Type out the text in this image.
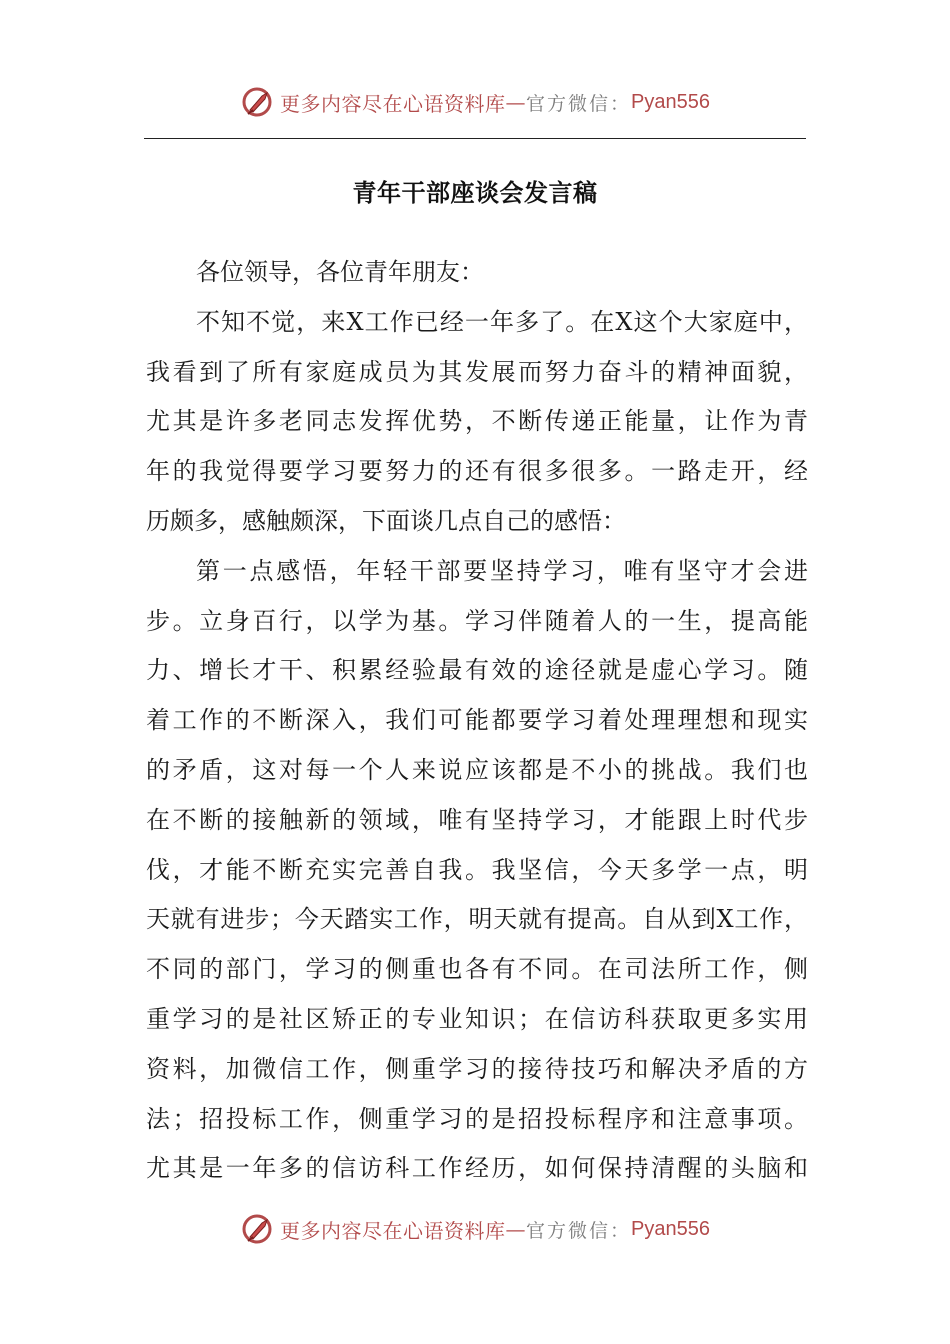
更多内容尽在心语资料库 — 官方微信： Pyan556
青年干部座谈会发言稿
各位领导，各位青年朋友：
不知不觉，来X工作已经一年多了。在X这个大家庭中，
我看到了所有家庭成员为其发展而努力奋斗的精神面貌，
尤其是许多老同志发挥优势，不断传递正能量，让作为青
年的我觉得要学习要努力的还有很多很多。一路走开，经
历颇多，感触颇深，下面谈几点自己的感悟：
第一点感悟，年轻干部要坚持学习，唯有坚守才会进
步。立身百行，以学为基。学习伴随着人的一生，提高能
力、增长才干、积累经验最有效的途径就是虚心学习。随
着工作的不断深入，我们可能都要学习着处理理想和现实
的矛盾，这对每一个人来说应该都是不小的挑战。我们也
在不断的接触新的领域，唯有坚持学习，才能跟上时代步
伐，才能不断充实完善自我。我坚信，今天多学一点，明
天就有进步；今天踏实工作，明天就有提高。自从到X工作，
不同的部门，学习的侧重也各有不同。在司法所工作，侧
重学习的是社区矫正的专业知识；在信访科获取更多实用
资料，加微信工作，侧重学习的接待技巧和解决矛盾的方
法；招投标工作，侧重学习的是招投标程序和注意事项。
尤其是一年多的信访科工作经历，如何保持清醒的头脑和
更多内容尽在心语资料库 — 官方微信： Pyan556
